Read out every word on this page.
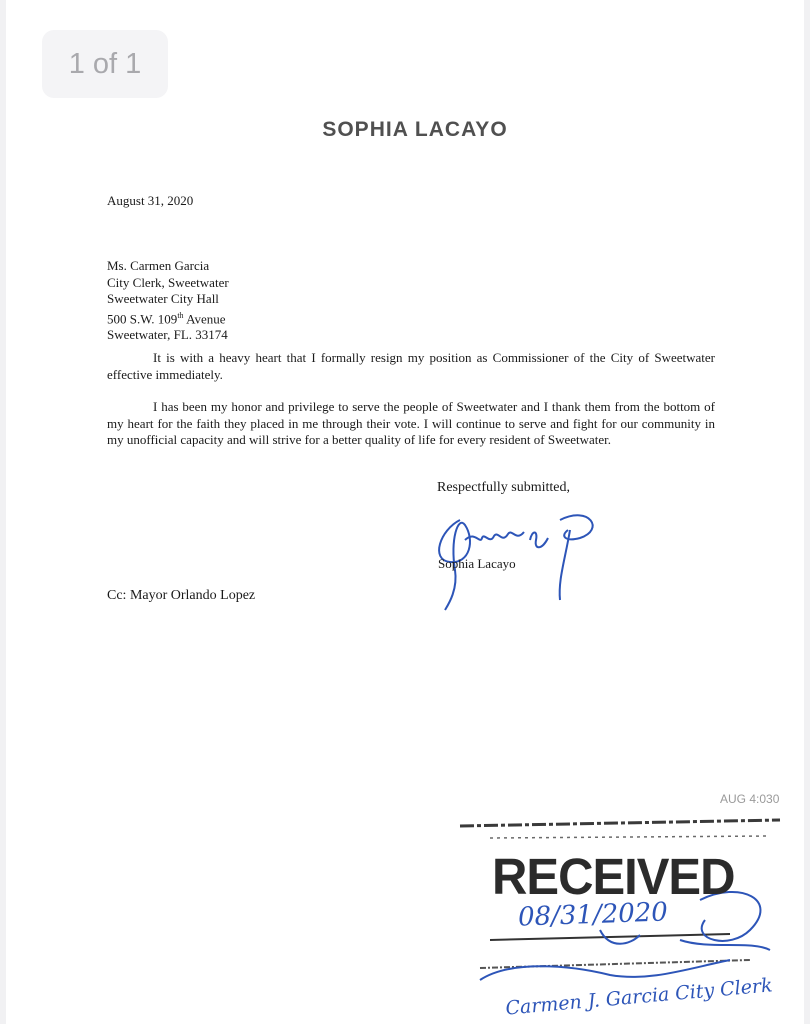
1 of 1
SOPHIA LACAYO
August 31, 2020
Ms. Carmen Garcia
City Clerk, Sweetwater
Sweetwater City Hall
500 S.W. 109th Avenue
Sweetwater, FL. 33174
It is with a heavy heart that I formally resign my position as Commissioner of the City of Sweetwater effective immediately.
I has been my honor and privilege to serve the people of Sweetwater and I thank them from the bottom of my heart for the faith they placed in me through their vote. I will continue to serve and fight for our community in my unofficial capacity and will strive for a better quality of life for every resident of Sweetwater.
Respectfully submitted,
Sophia Lacayo
Cc: Mayor Orlando Lopez
AUG 4:030
RECEIVED
08/31/2020
Carmen J. Garcia City Clerk
